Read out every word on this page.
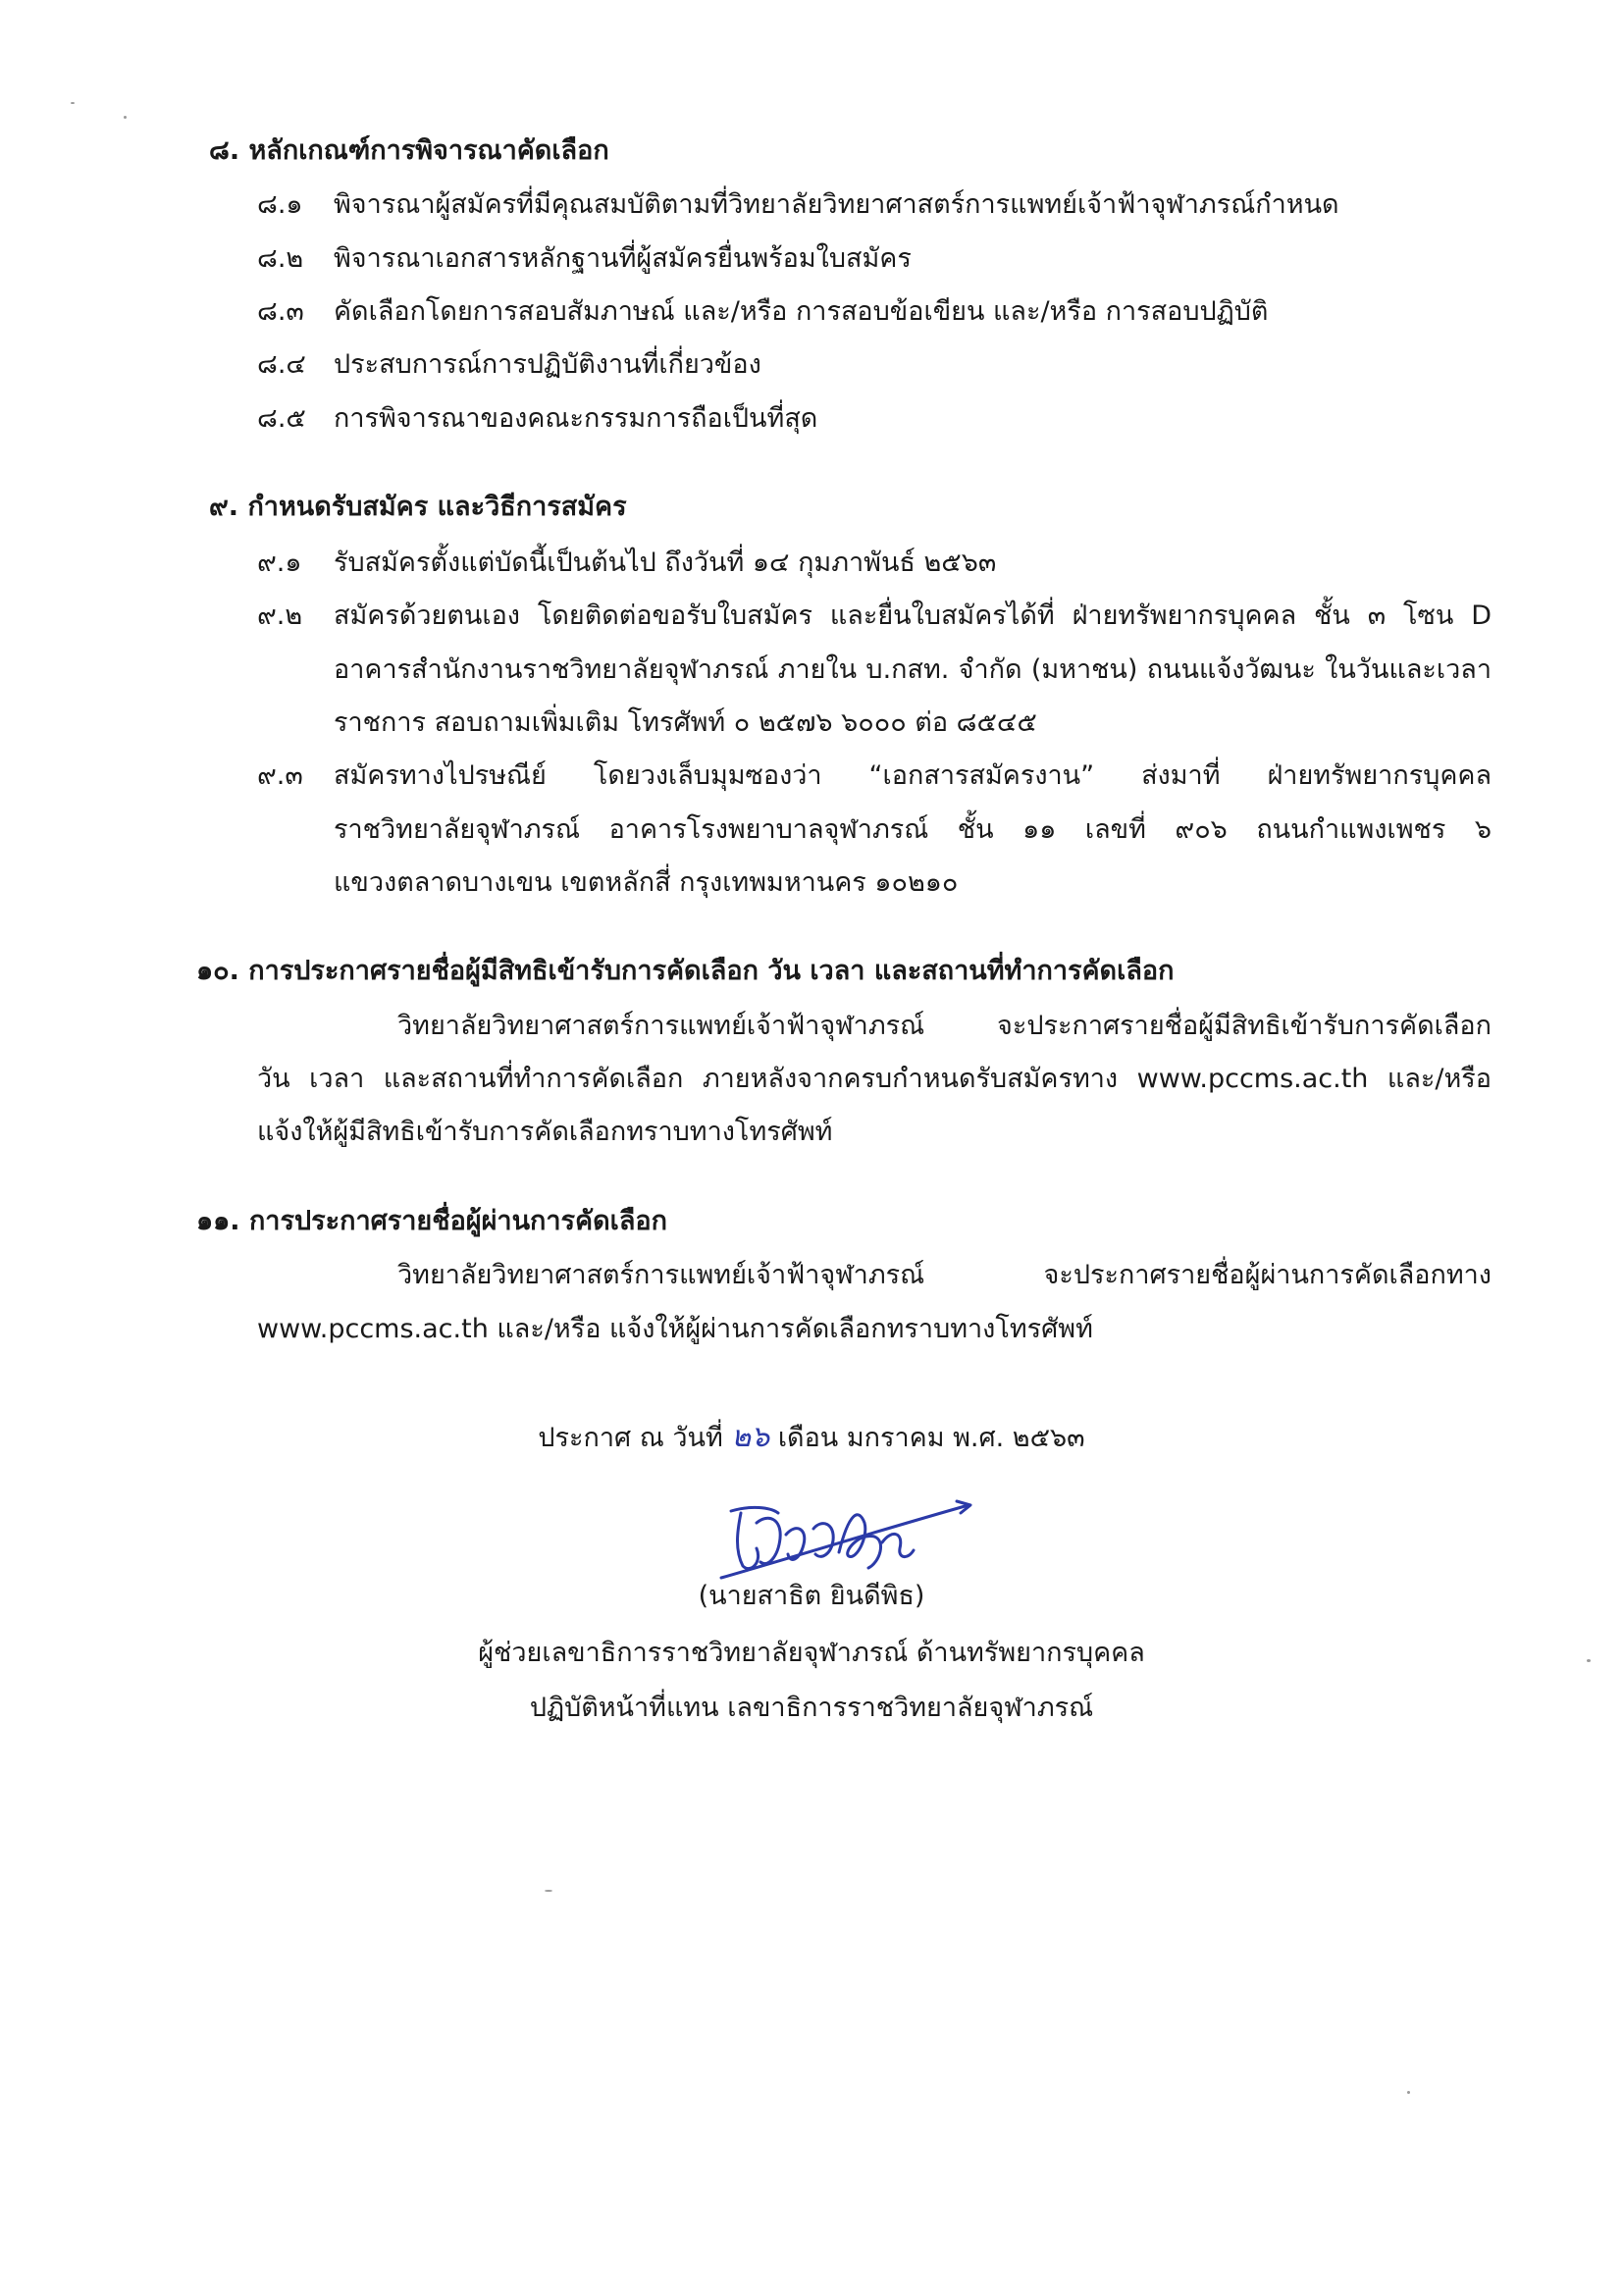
๘. หลักเกณฑ์การพิจารณาคัดเลือก
๘.๑ พิจารณาผู้สมัครที่มีคุณสมบัติตามที่วิทยาลัยวิทยาศาสตร์การแพทย์เจ้าฟ้าจุฬาภรณ์กำหนด
๘.๒ พิจารณาเอกสารหลักฐานที่ผู้สมัครยื่นพร้อมใบสมัคร
๘.๓ คัดเลือกโดยการสอบสัมภาษณ์ และ/หรือ การสอบข้อเขียน และ/หรือ การสอบปฏิบัติ
๘.๔ ประสบการณ์การปฏิบัติงานที่เกี่ยวข้อง
๘.๕ การพิจารณาของคณะกรรมการถือเป็นที่สุด
๙. กำหนดรับสมัคร และวิธีการสมัคร
๙.๑ รับสมัครตั้งแต่บัดนี้เป็นต้นไป ถึงวันที่ ๑๔ กุมภาพันธ์ ๒๕๖๓
๙.๒ สมัครด้วยตนเอง โดยติดต่อขอรับใบสมัคร และยื่นใบสมัครได้ที่ ฝ่ายทรัพยากรบุคคล ชั้น ๓ โซน D
อาคารสำนักงานราชวิทยาลัยจุฬาภรณ์ ภายใน บ.กสท. จำกัด (มหาชน) ถนนแจ้งวัฒนะ ในวันและเวลา
ราชการ สอบถามเพิ่มเติม โทรศัพท์ ๐ ๒๕๗๖ ๖๐๐๐ ต่อ ๘๕๔๕
๙.๓ สมัครทางไปรษณีย์ โดยวงเล็บมุมซองว่า “เอกสารสมัครงาน” ส่งมาที่ ฝ่ายทรัพยากรบุคคล
ราชวิทยาลัยจุฬาภรณ์ อาคารโรงพยาบาลจุฬาภรณ์ ชั้น ๑๑ เลขที่ ๙๐๖ ถนนกำแพงเพชร ๖
แขวงตลาดบางเขน เขตหลักสี่ กรุงเทพมหานคร ๑๐๒๑๐
๑๐. การประกาศรายชื่อผู้มีสิทธิเข้ารับการคัดเลือก วัน เวลา และสถานที่ทำการคัดเลือก
วิทยาลัยวิทยาศาสตร์การแพทย์เจ้าฟ้าจุฬาภรณ์ จะประกาศรายชื่อผู้มีสิทธิเข้ารับการคัดเลือก
วัน เวลา และสถานที่ทำการคัดเลือก ภายหลังจากครบกำหนดรับสมัครทาง www.pccms.ac.th และ/หรือ
แจ้งให้ผู้มีสิทธิเข้ารับการคัดเลือกทราบทางโทรศัพท์
๑๑. การประกาศรายชื่อผู้ผ่านการคัดเลือก
วิทยาลัยวิทยาศาสตร์การแพทย์เจ้าฟ้าจุฬาภรณ์ จะประกาศรายชื่อผู้ผ่านการคัดเลือกทาง
www.pccms.ac.th และ/หรือ แจ้งให้ผู้ผ่านการคัดเลือกทราบทางโทรศัพท์
ประกาศ ณ วันที่ ๒๖ เดือน มกราคม พ.ศ. ๒๕๖๓
(นายสาธิต ยินดีพิธ)
ผู้ช่วยเลขาธิการราชวิทยาลัยจุฬาภรณ์ ด้านทรัพยากรบุคคล
ปฏิบัติหน้าที่แทน เลขาธิการราชวิทยาลัยจุฬาภรณ์
